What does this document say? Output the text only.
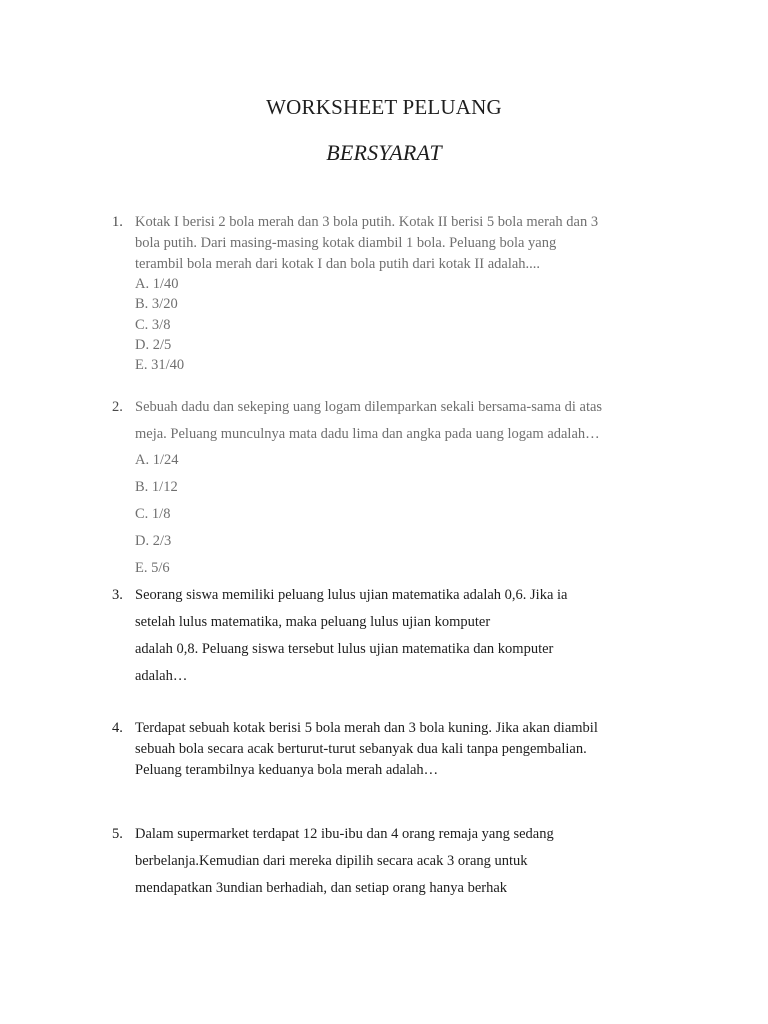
WORKSHEET PELUANG
BERSYARAT
1. Kotak I berisi 2 bola merah dan 3 bola putih. Kotak II berisi 5 bola merah dan 3
bola putih. Dari masing-masing kotak diambil 1 bola. Peluang bola yang
terambil bola merah dari kotak I dan bola putih dari kotak II adalah....
A. 1/40
B. 3/20
C. 3/8
D. 2/5
E. 31/40
2. Sebuah dadu dan sekeping uang logam dilemparkan sekali bersama-sama di atas
meja. Peluang munculnya mata dadu lima dan angka pada uang logam adalah…
A. 1/24
B. 1/12
C. 1/8
D. 2/3
E. 5/6
3. Seorang siswa memiliki peluang lulus ujian matematika adalah 0,6. Jika ia
setelah lulus matematika, maka peluang lulus ujian komputer
adalah 0,8. Peluang siswa tersebut lulus ujian matematika dan komputer
adalah…
4. Terdapat sebuah kotak berisi 5 bola merah dan 3 bola kuning. Jika akan diambil
sebuah bola secara acak berturut-turut sebanyak dua kali tanpa pengembalian.
Peluang terambilnya keduanya bola merah adalah…
5. Dalam supermarket terdapat 12 ibu-ibu dan 4 orang remaja yang sedang
berbelanja.Kemudian dari mereka dipilih secara acak 3 orang untuk
mendapatkan 3undian berhadiah, dan setiap orang hanya berhak
